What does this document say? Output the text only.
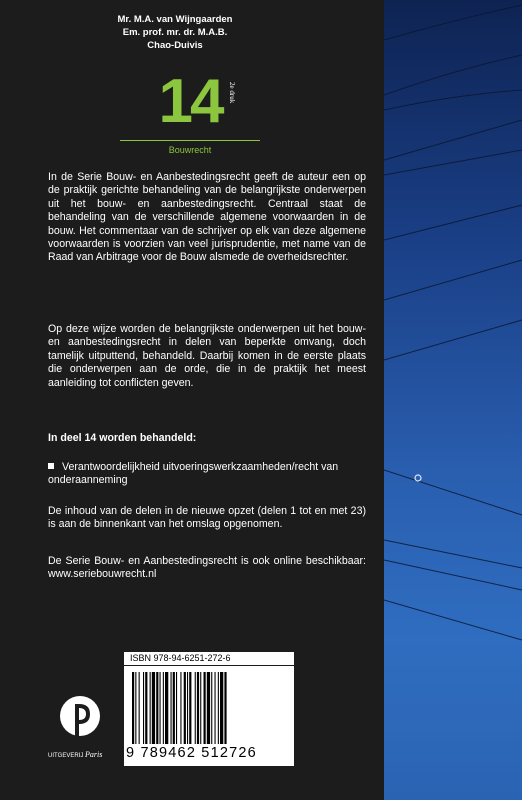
Mr. M.A. van Wijngaarden
Em. prof. mr. dr. M.A.B.
Chao-Duivis
14 2e druk
Bouwrecht
In de Serie Bouw- en Aanbestedingsrecht geeft de auteur een op de praktijk gerichte behandeling van de belangrijkste onderwerpen uit het bouw- en aanbestedingsrecht. Centraal staat de behandeling van de verschillende algemene voorwaarden in de bouw. Het commentaar van de schrijver op elk van deze algemene voorwaarden is voorzien van veel jurisprudentie, met name van de Raad van Arbitrage voor de Bouw alsmede de overheidsrechter.
Op deze wijze worden de belangrijkste onderwerpen uit het bouw- en aanbestedingsrecht in delen van beperkte omvang, doch tamelijk uitputtend, behandeld. Daarbij komen in de eerste plaats die onderwerpen aan de orde, die in de praktijk het meest aanleiding tot conflicten geven.
In deel 14 worden behandeld:
Verantwoordelijkheid uitvoeringswerkzaamheden/recht van onderaanneming
De inhoud van de delen in de nieuwe opzet (delen 1 tot en met 23) is aan de binnenkant van het omslag opgenomen.
De Serie Bouw- en Aanbestedingsrecht is ook online beschikbaar: www.seriebouwrecht.nl
ISBN 978-94-6251-272-6
9 789462 512726
UITGEVERIJ Paris
